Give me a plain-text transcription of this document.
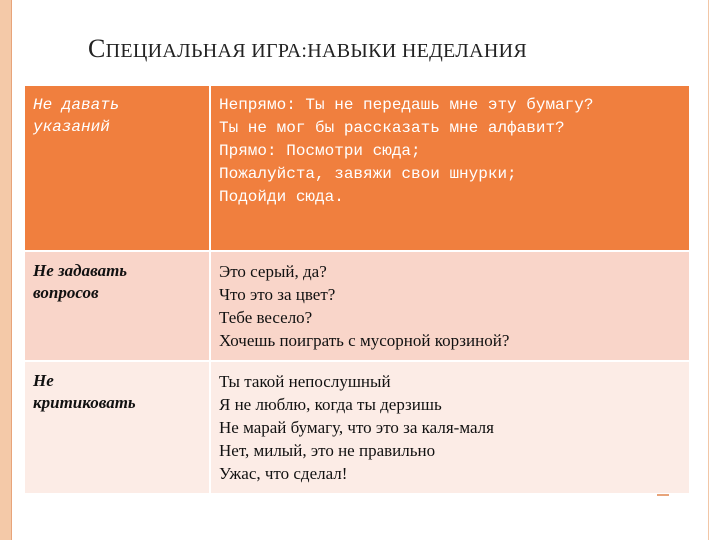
СПЕЦИАЛЬНАЯ ИГРА:НАВЫКИ НЕДЕЛАНИЯ
Не давать
указаний	Непрямо: Ты не передашь мне эту бумагу?
Ты не мог бы рассказать мне алфавит?
Прямо: Посмотри сюда;
Пожалуйста, завяжи свои шнурки;
Подойди сюда.

Не задавать
вопросов	Это серый, да?
Что это за цвет?
Тебе весело?
Хочешь поиграть с мусорной корзиной?

Не
критиковать	Ты такой непослушный
Я не люблю, когда ты дерзишь
Не марай бумагу, что это за каля-маля
Нет, милый, это не правильно
Ужас, что сделал!
